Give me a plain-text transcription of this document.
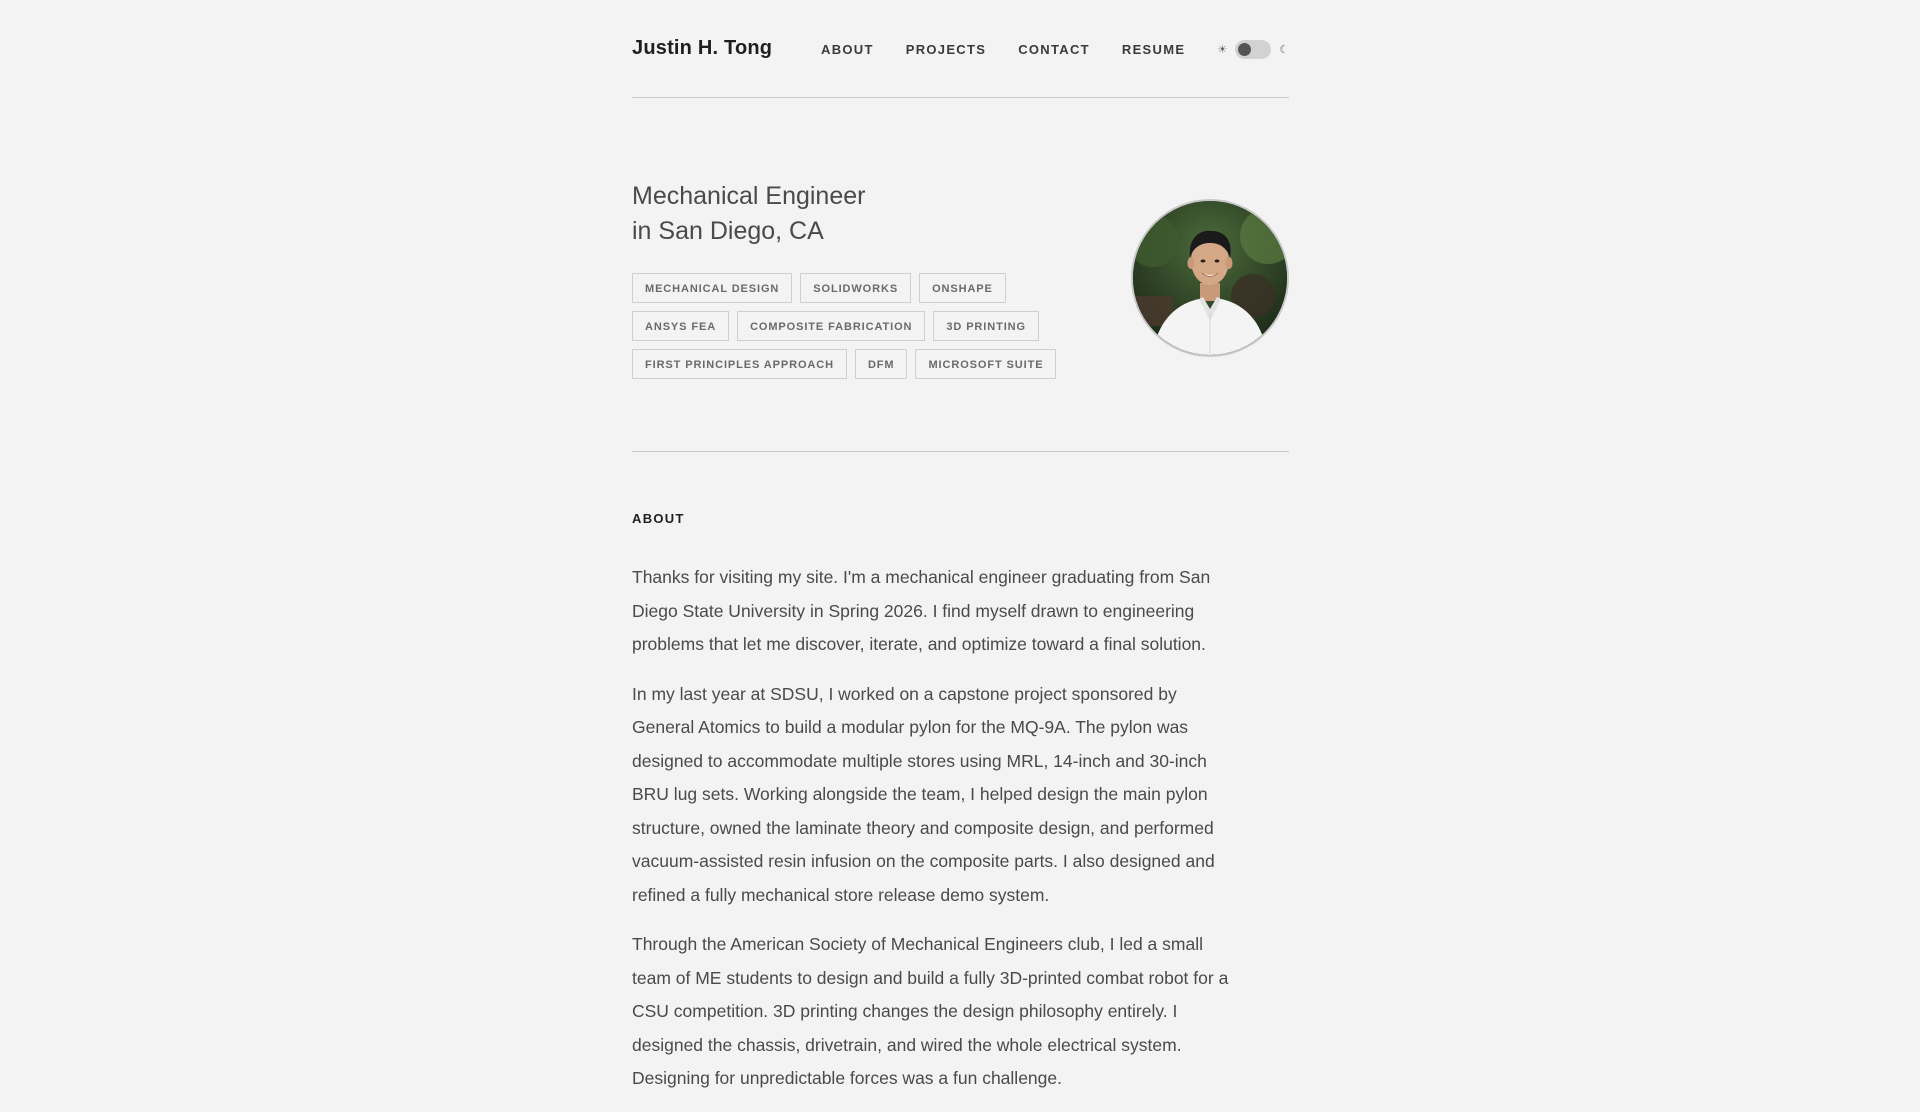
Justin H. Tong	ABOUT PROJECTS CONTACT RESUME	☀	☾
Mechanical Engineer
in San Diego, CA
MECHANICAL DESIGN	SOLIDWORKS	ONSHAPE
ANSYS FEA	COMPOSITE FABRICATION	3D PRINTING
FIRST PRINCIPLES APPROACH	DFM	MICROSOFT SUITE
ABOUT

Thanks for visiting my site. I'm a mechanical engineer graduating from San Diego State University in Spring 2026. I find myself drawn to engineering problems that let me discover, iterate, and optimize toward a final solution.

In my last year at SDSU, I worked on a capstone project sponsored by General Atomics to build a modular pylon for the MQ-9A. The pylon was designed to accommodate multiple stores using MRL, 14-inch and 30-inch BRU lug sets. Working alongside the team, I helped design the main pylon structure, owned the laminate theory and composite design, and performed vacuum-assisted resin infusion on the composite parts. I also designed and refined a fully mechanical store release demo system.

Through the American Society of Mechanical Engineers club, I led a small team of ME students to design and build a fully 3D-printed combat robot for a CSU competition. 3D printing changes the design philosophy entirely. I designed the chassis, drivetrain, and wired the whole electrical system. Designing for unpredictable forces was a fun challenge.
